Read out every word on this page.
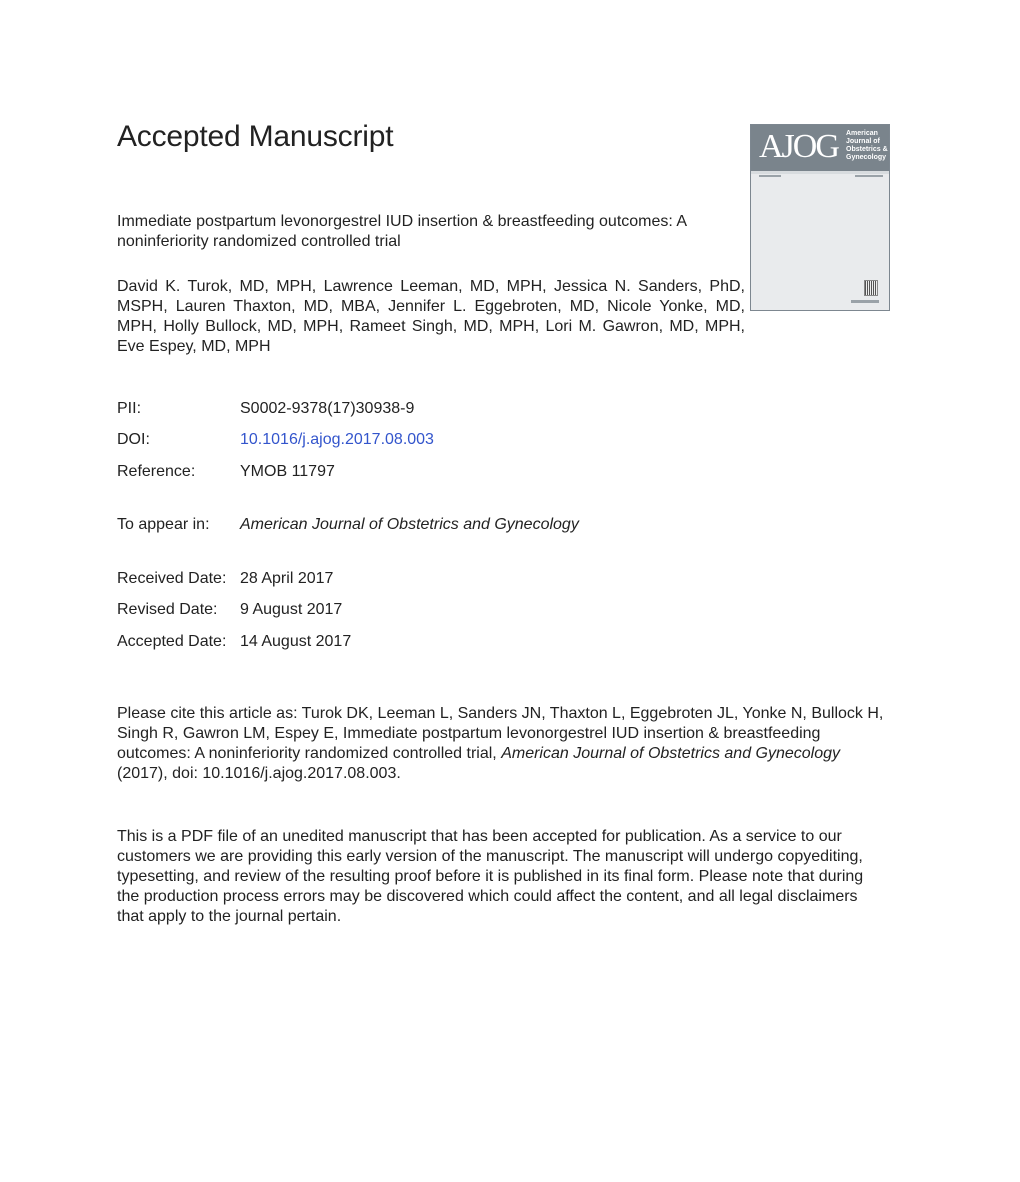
Accepted Manuscript	AJOG American
Journal of
Obstetrics &
Gynecology

Immediate postpartum levonorgestrel IUD insertion & breastfeeding outcomes: A noninferiority randomized controlled trial

David K. Turok, MD, MPH, Lawrence Leeman, MD, MPH, Jessica N. Sanders, PhD, MSPH, Lauren Thaxton, MD, MBA, Jennifer L. Eggebroten, MD, Nicole Yonke, MD, MPH, Holly Bullock, MD, MPH, Rameet Singh, MD, MPH, Lori M. Gawron, MD, MPH, Eve Espey, MD, MPH

PII:	S0002-9378(17)30938-9
DOI:	10.1016/j.ajog.2017.08.003
Reference:	YMOB 11797
To appear in: American Journal of Obstetrics and Gynecology
Received Date: 28 April 2017
Revised Date: 9 August 2017
Accepted Date: 14 August 2017

Please cite this article as: Turok DK, Leeman L, Sanders JN, Thaxton L, Eggebroten JL, Yonke N, Bullock H, Singh R, Gawron LM, Espey E, Immediate postpartum levonorgestrel IUD insertion & breastfeeding outcomes: A noninferiority randomized controlled trial, American Journal of Obstetrics and Gynecology (2017), doi: 10.1016/j.ajog.2017.08.003.

This is a PDF file of an unedited manuscript that has been accepted for publication. As a service to our customers we are providing this early version of the manuscript. The manuscript will undergo copyediting, typesetting, and review of the resulting proof before it is published in its final form. Please note that during the production process errors may be discovered which could affect the content, and all legal disclaimers that apply to the journal pertain.
